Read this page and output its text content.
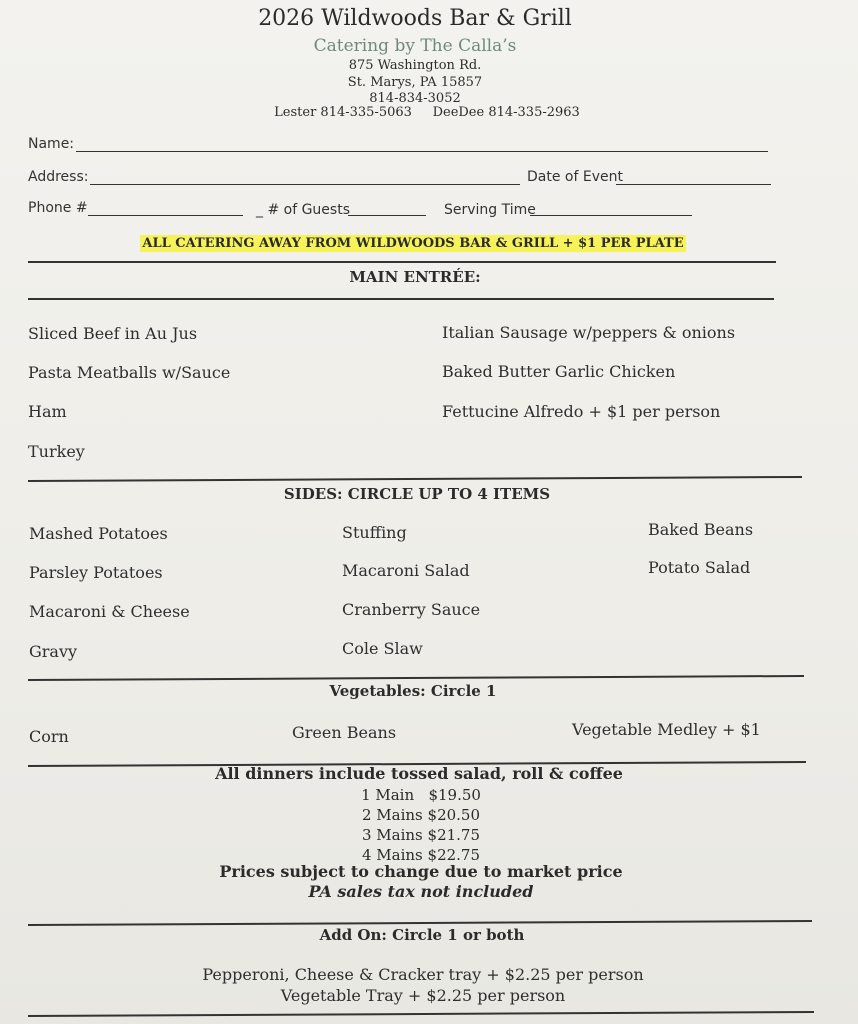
2026 Wildwoods Bar & Grill
Catering by The Calla’s
875 Washington Rd.
St. Marys, PA 15857
814-834-3052
Lester 814-335-5063     DeeDee 814-335-2963
Name:
Address:	Date of Event
Phone #	_ # of Guests	Serving Time
ALL CATERING AWAY FROM WILDWOODS BAR & GRILL + $1 PER PLATE
MAIN ENTRÉE:
Sliced Beef in Au Jus
Pasta Meatballs w/Sauce
Ham
Turkey
Italian Sausage w/peppers & onions
Baked Butter Garlic Chicken
Fettucine Alfredo + $1 per person
SIDES: CIRCLE UP TO 4 ITEMS
Mashed Potatoes
Parsley Potatoes
Macaroni & Cheese
Gravy
Stuffing
Macaroni Salad
Cranberry Sauce
Cole Slaw
Baked Beans
Potato Salad
Vegetables: Circle 1
Corn	Green Beans	Vegetable Medley + $1
All dinners include tossed salad, roll & coffee
1 Main   $19.50
2 Mains $20.50
3 Mains $21.75
4 Mains $22.75
Prices subject to change due to market price
PA sales tax not included
Add On: Circle 1 or both
Pepperoni, Cheese & Cracker tray + $2.25 per person
Vegetable Tray + $2.25 per person
